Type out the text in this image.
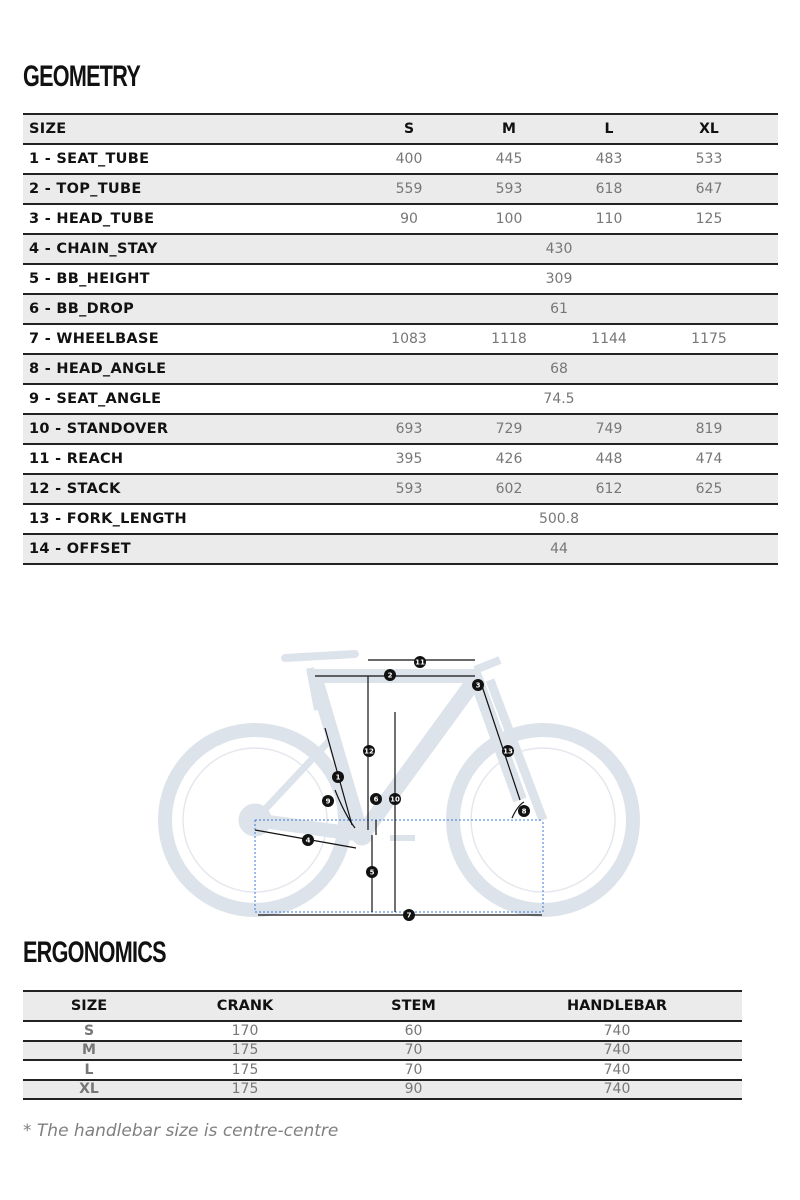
GEOMETRY
SIZE	S	M	L	XL
1 - SEAT_TUBE	400	445	483	533
2 - TOP_TUBE	559	593	618	647
3 - HEAD_TUBE	90	100	110	125
4 - CHAIN_STAY	430
5 - BB_HEIGHT	309
6 - BB_DROP	61
7 - WHEELBASE	1083	1118	1144	1175
8 - HEAD_ANGLE	68
9 - SEAT_ANGLE	74.5
10 - STANDOVER	693	729	749	819
11 - REACH	395	426	448	474
12 - STACK	593	602	612	625
13 - FORK_LENGTH	500.8
14 - OFFSET	44
1
2
3
4
5
6
7
8
9	10
11
12	13
ERGONOMICS
SIZE	CRANK	STEM	HANDLEBAR
S	170	60	740
M	175	70	740
L	175	70	740
XL	175	90	740
* The handlebar size is centre-centre
